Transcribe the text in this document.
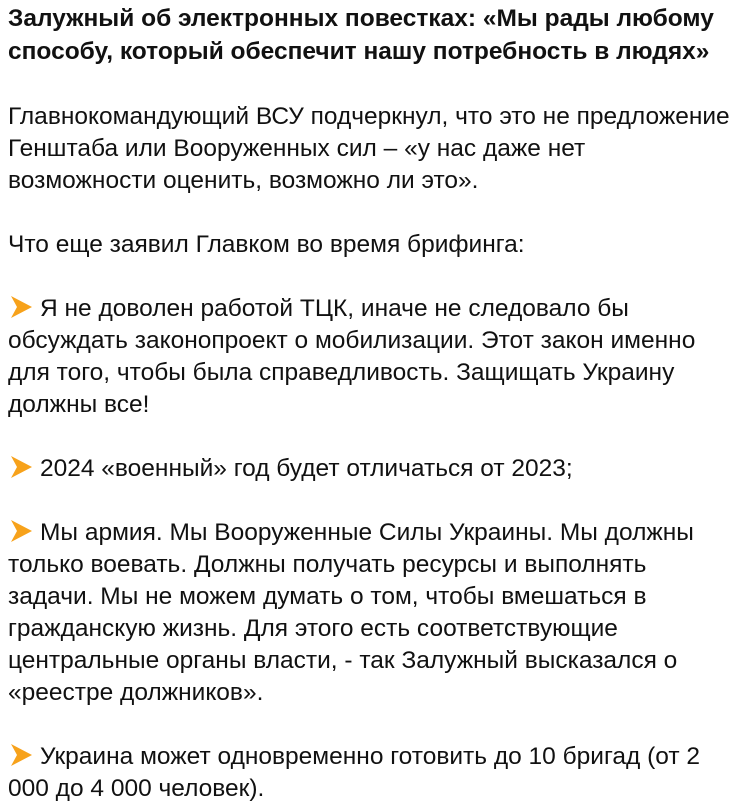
Залужный об электронных повестках: «Мы рады любому способу, который обеспечит нашу потребность в людях»
Главнокомандующий ВСУ подчеркнул, что это не предложение Генштаба или Вооруженных сил – «у нас даже нет возможности оценить, возможно ли это».
Что еще заявил Главком во время брифинга:
Я не доволен работой ТЦК, иначе не следовало бы обсуждать законопроект о мобилизации. Этот закон именно для того, чтобы была справедливость. Защищать Украину должны все!
2024 «военный» год будет отличаться от 2023;
Мы армия. Мы Вооруженные Силы Украины. Мы должны только воевать. Должны получать ресурсы и выполнять задачи. Мы не можем думать о том, чтобы вмешаться в гражданскую жизнь. Для этого есть соответствующие центральные органы власти, - так Залужный высказался о «реестре должников».
Украина может одновременно готовить до 10 бригад (от 2 000 до 4 000 человек).
